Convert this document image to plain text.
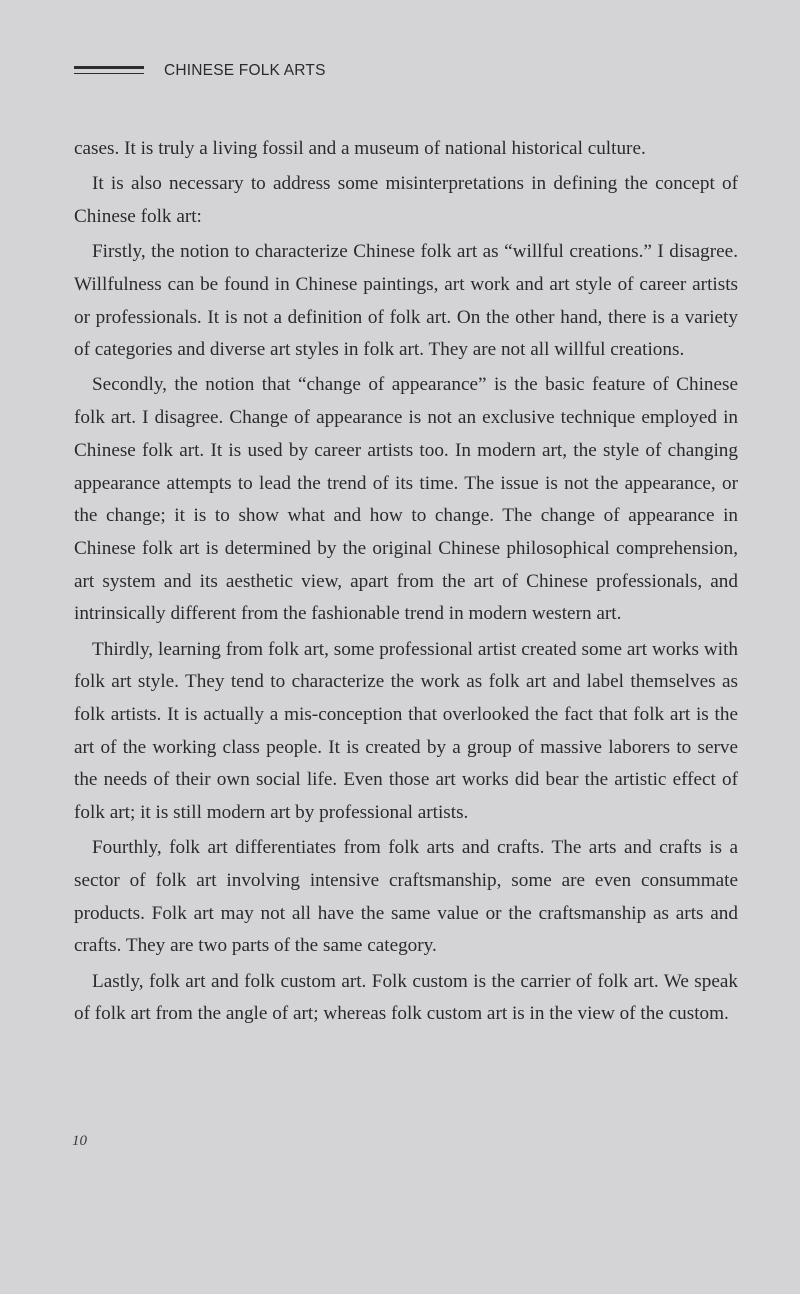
CHINESE FOLK ARTS

cases. It is truly a living fossil and a museum of national historical culture.

It is also necessary to address some misinterpretations in defining the concept of Chinese folk art:

Firstly, the notion to characterize Chinese folk art as “willful creations.” I disagree. Willfulness can be found in Chinese paintings, art work and art style of career artists or professionals. It is not a definition of folk art. On the other hand, there is a variety of categories and diverse art styles in folk art. They are not all willful creations.

Secondly, the notion that “change of appearance” is the basic feature of Chinese folk art. I disagree. Change of appearance is not an exclusive technique employed in Chinese folk art. It is used by career artists too. In modern art, the style of changing appearance attempts to lead the trend of its time. The issue is not the appearance, or the change; it is to show what and how to change. The change of appearance in Chinese folk art is determined by the original Chinese philosophical comprehension, art system and its aesthetic view, apart from the art of Chinese professionals, and intrinsically different from the fashionable trend in modern western art.

Thirdly, learning from folk art, some professional artist created some art works with folk art style. They tend to characterize the work as folk art and label themselves as folk artists. It is actually a mis-conception that overlooked the fact that folk art is the art of the working class people. It is created by a group of massive laborers to serve the needs of their own social life. Even those art works did bear the artistic effect of folk art; it is still modern art by professional artists.

Fourthly, folk art differentiates from folk arts and crafts. The arts and crafts is a sector of folk art involving intensive craftsmanship, some are even consummate products. Folk art may not all have the same value or the craftsmanship as arts and crafts. They are two parts of the same category.

Lastly, folk art and folk custom art. Folk custom is the carrier of folk art. We speak of folk art from the angle of art; whereas folk custom art is in the view of the custom.

10
